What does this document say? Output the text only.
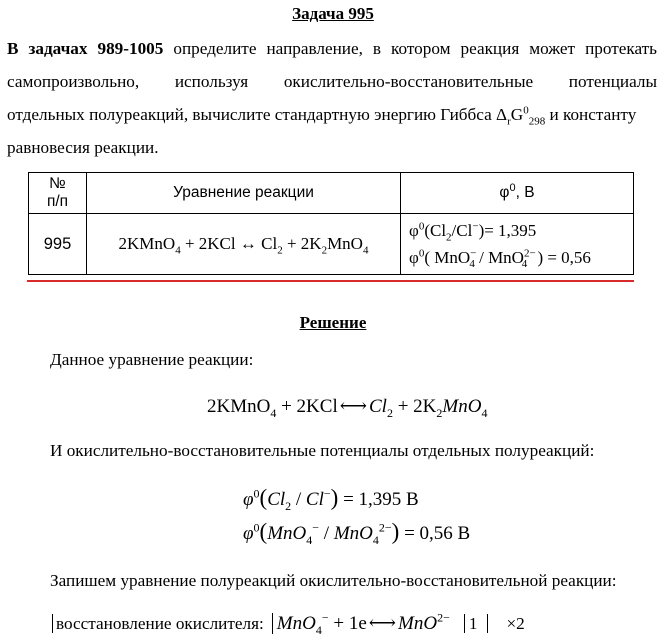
Задача 995
В задачах 989-1005 определите направление, в котором реакция может протекать
самопроизвольно, используя окислительно-восстановительные потенциалы
отдельных полуреакций, вычислите стандартную энергию Гиббса $\Delta_rG^0_{298}$ и константу
равновесия реакции.
№
п/п	Уравнение реакции	$\varphi^0$, В
995	2KMnO$_4$ + 2KCl ↔ $Cl_2 + 2K_2MnO_4$	$\varphi^0(Cl_2/Cl^-)= 1,395$
$\varphi^0$( MnO−$_4$ / MnO$^{2-}_4$ ) = 0,56
Решение
Данное уравнение реакции:
2KMnO$_4$ + 2KCl ⟷ $Cl_2 + 2K_2MnO_4$
И окислительно-восстановительные потенциалы отдельных полуреакций:
$\varphi^0(Cl_2 / Cl^-) = 1,395$ В
$\varphi^0(MnO_4^- / MnO_4^{2-}) = 0,56$ В
Запишем уравнение полуреакций окислительно-восстановительной реакции:
восстановление окислителя: MnO$_4$− + 1e ⟷ MnO$^{2-}$ 1 ×2
